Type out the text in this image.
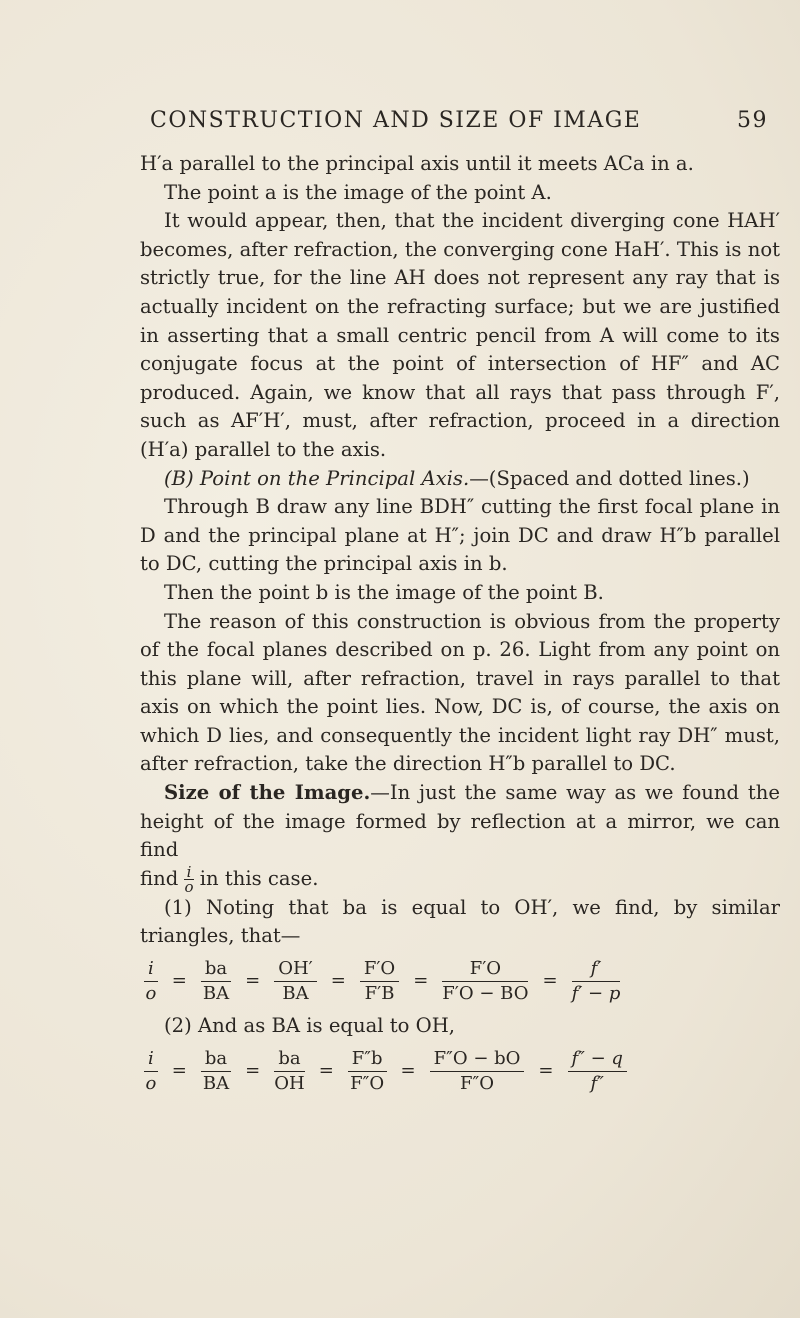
CONSTRUCTION AND SIZE OF IMAGE	59

H′a parallel to the principal axis until it meets ACa in a.

The point a is the image of the point A.

It would appear, then, that the incident diverging cone HAH′ becomes, after refraction, the converging cone HaH′. This is not strictly true, for the line AH does not represent any ray that is actually incident on the refracting surface; but we are justified in asserting that a small centric pencil from A will come to its conjugate focus at the point of intersection of HF″ and AC produced. Again, we know that all rays that pass through F′, such as AF′H′, must, after refraction, proceed in a direction (H′a) parallel to the axis.

(B) Point on the Principal Axis.—(Spaced and dotted lines.)

Through B draw any line BDH″ cutting the first focal plane in D and the principal plane at H″; join DC and draw H″b parallel to DC, cutting the principal axis in b.

Then the point b is the image of the point B.

The reason of this construction is obvious from the property of the focal planes described on p. 26. Light from any point on this plane will, after refraction, travel in rays parallel to that axis on which the point lies. Now, DC is, of course, the axis on which D lies, and consequently the incident light ray DH″ must, after refraction, take the direction H″b parallel to DC.

Size of the Image.—In just the same way as we found the height of the image formed by reflection at a mirror, we can find

find $\frac{i}{o}$ in this case.

(1) Noting that ba is equal to OH′, we find, by similar triangles, that—

$\frac{i}{o} = \frac{ba}{BA} = \frac{OH'}{BA} = \frac{F'O}{F'B} = \frac{F'O}{F'O - BO} = \frac{f'}{f' - p}$

(2) And as BA is equal to OH,

$\frac{i}{o} = \frac{ba}{BA} = \frac{ba}{OH} = \frac{F''b}{F''O} = \frac{F''O - bO}{F''O} = \frac{f'' - q}{f''}$
